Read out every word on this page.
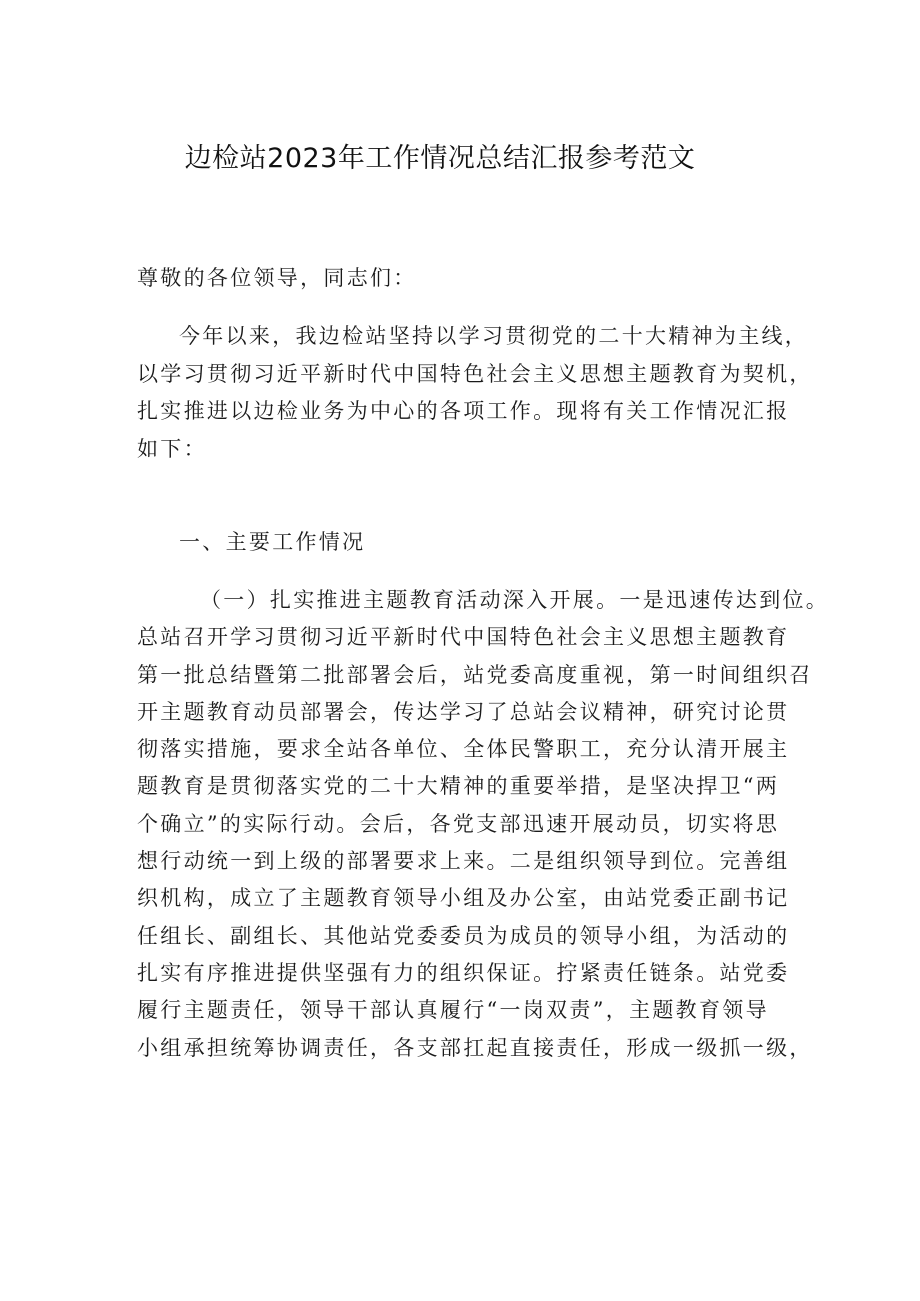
边检站2023年工作情况总结汇报参考范文
尊敬的各位领导，同志们：
今年以来，我边检站坚持以学习贯彻党的二十大精神为主线，
以学习贯彻习近平新时代中国特色社会主义思想主题教育为契机，
扎实推进以边检业务为中心的各项工作。现将有关工作情况汇报
如下：
一、主要工作情况
（一）扎实推进主题教育活动深入开展。一是迅速传达到位。
总站召开学习贯彻习近平新时代中国特色社会主义思想主题教育
第一批总结暨第二批部署会后，站党委高度重视，第一时间组织召
开主题教育动员部署会，传达学习了总站会议精神，研究讨论贯
彻落实措施，要求全站各单位、全体民警职工，充分认清开展主
题教育是贯彻落实党的二十大精神的重要举措，是坚决捍卫“两
个确立”的实际行动。会后，各党支部迅速开展动员，切实将思
想行动统一到上级的部署要求上来。二是组织领导到位。完善组
织机构，成立了主题教育领导小组及办公室，由站党委正副书记
任组长、副组长、其他站党委委员为成员的领导小组，为活动的
扎实有序推进提供坚强有力的组织保证。拧紧责任链条。站党委
履行主题责任，领导干部认真履行“一岗双责”，主题教育领导
小组承担统筹协调责任，各支部扛起直接责任，形成一级抓一级，
